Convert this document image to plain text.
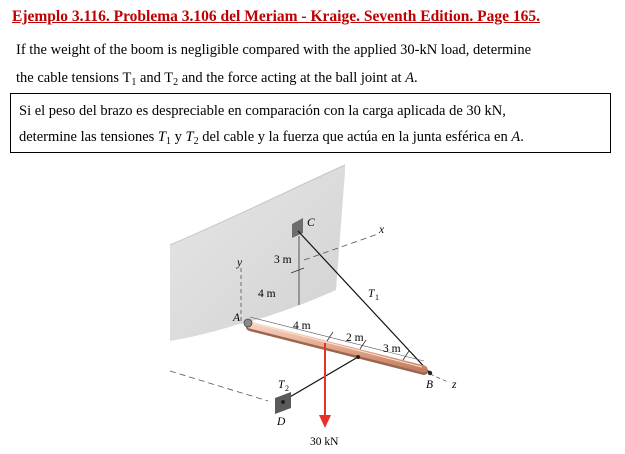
Ejemplo 3.116. Problema 3.106 del Meriam - Kraige. Seventh Edition. Page 165.
If the weight of the boom is negligible compared with the applied 30-kN load, determine
the cable tensions $T_1$ and $T_2$ and the force acting at the ball joint at A.
Si el peso del brazo es despreciable en comparación con la carga aplicada de 30 kN,
determine las tensiones $T_1$ y $T_2$ del cable y la fuerza que actúa en la junta esférica en A.
C
x
y	3 m
4 m
A
4 m
2 m
3 m
T 1
T 2	B z
D
30 kN
